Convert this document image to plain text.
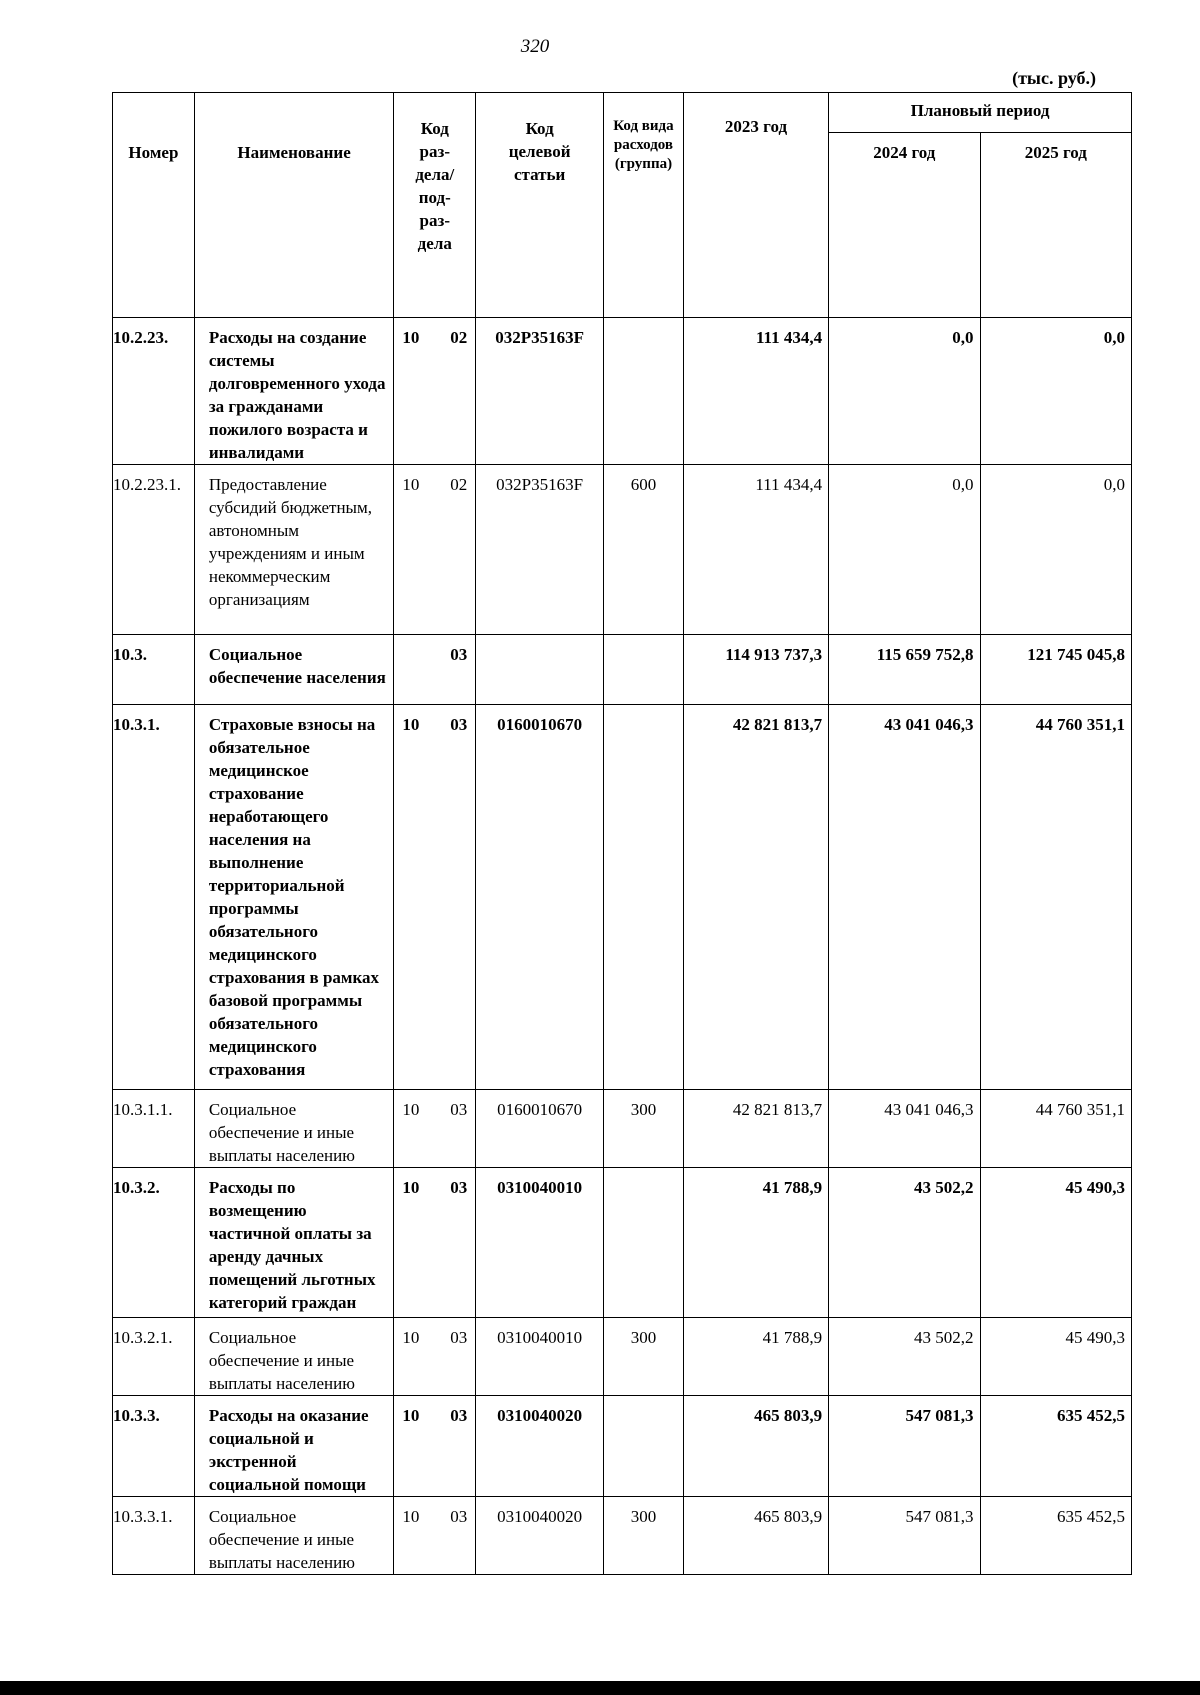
320
(тыс. руб.)
Номер	Наименование	Код раз-дела/ под-раз-дела	Код целевой статьи	Код вида расходов (группа)	2023 год	Плановый период	

						2024 год	2025 год

10.2.23.	Расходы на создание системы долговременного ухода за гражданами пожилого возраста и инвалидами	10 02	032P35163F		111 434,4	0,0	0,0
10.2.23.1.	Предоставление субсидий бюджетным, автономным учреждениям и иным некоммерческим организациям	10 02	032P35163F	600	111 434,4	0,0	0,0
10.3.	Социальное обеспечение населения	03			114 913 737,3	115 659 752,8	121 745 045,8
10.3.1.	Страховые взносы на обязательное медицинское страхование неработающего населения на выполнение территориальной программы обязательного медицинского страхования в рамках базовой программы обязательного медицинского страхования	10 03	0160010670		42 821 813,7	43 041 046,3	44 760 351,1
10.3.1.1.	Социальное обеспечение и иные выплаты населению	10 03	0160010670	300	42 821 813,7	43 041 046,3	44 760 351,1
10.3.2.	Расходы по возмещению частичной оплаты за аренду дачных помещений льготных категорий граждан	10 03	0310040010		41 788,9	43 502,2	45 490,3
10.3.2.1.	Социальное обеспечение и иные выплаты населению	10 03	0310040010	300	41 788,9	43 502,2	45 490,3
10.3.3.	Расходы на оказание социальной и экстренной социальной помощи	10 03	0310040020		465 803,9	547 081,3	635 452,5
10.3.3.1.	Социальное обеспечение и иные выплаты населению	10 03	0310040020	300	465 803,9	547 081,3	635 452,5
